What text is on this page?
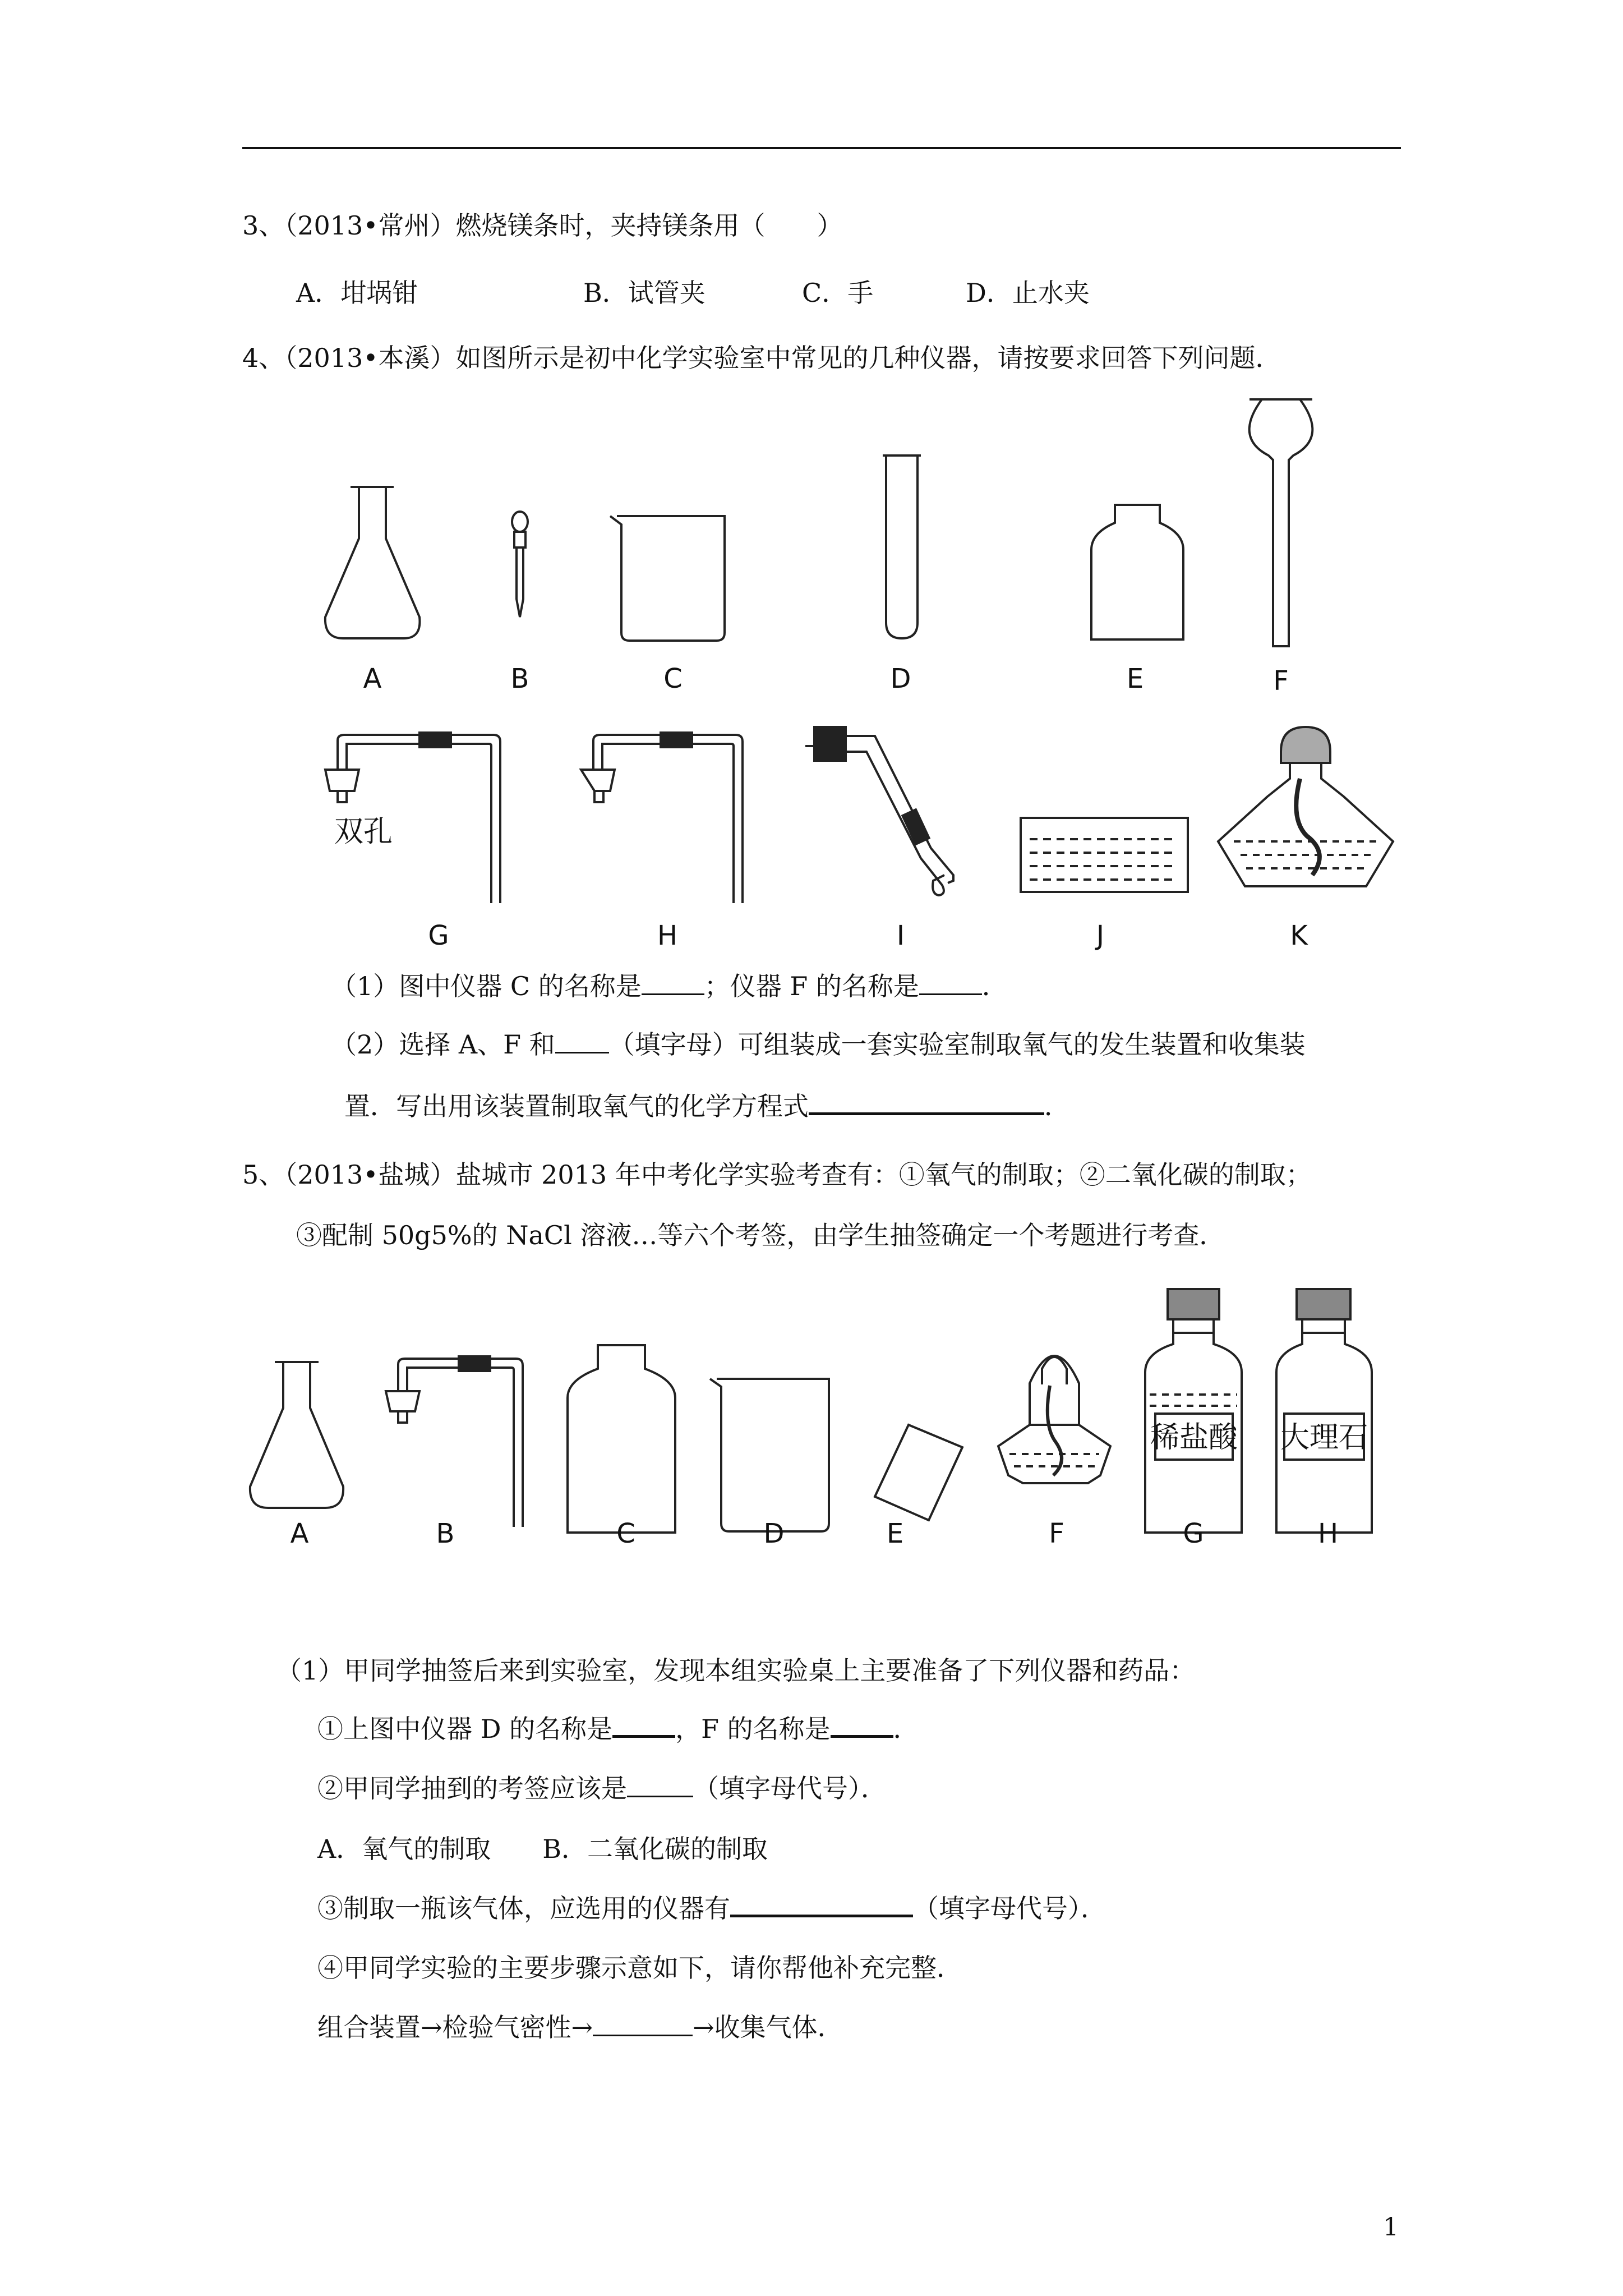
3、（2013•常州）燃烧镁条时，夹持镁条用（　　）
A．坩埚钳	B．试管夹	C．手	D．止水夹
4、（2013•本溪）如图所示是初中化学实验室中常见的几种仪器，请按要求回答下列问题．
A	B	C	D	E	F
双孔
G	H	I	J	K
稀盐酸 大理石
A	B	C	D	E	F	G	H
（1）图中仪器 C 的名称是 ；仪器 F 的名称是 ．
（2）选择 A、F 和 （填字母）可组装成一套实验室制取氧气的发生装置和收集装
置．写出用该装置制取氧气的化学方程式	．
5、（2013•盐城）盐城市 2013 年中考化学实验考查有：①氧气的制取；②二氧化碳的制取；
③配制 50g5%的 NaCl 溶液…等六个考签，由学生抽签确定一个考题进行考查．
（1）甲同学抽签后来到实验室，发现本组实验桌上主要准备了下列仪器和药品：
①上图中仪器 D 的名称是 ，F 的名称是 ．
②甲同学抽到的考签应该是	（填字母代号）．
A．氧气的制取　　B．二氧化碳的制取
③制取一瓶该气体，应选用的仪器有	（填字母代号）．
④甲同学实验的主要步骤示意如下，请你帮他补充完整．
组合装置→检验气密性→	→收集气体．
1
